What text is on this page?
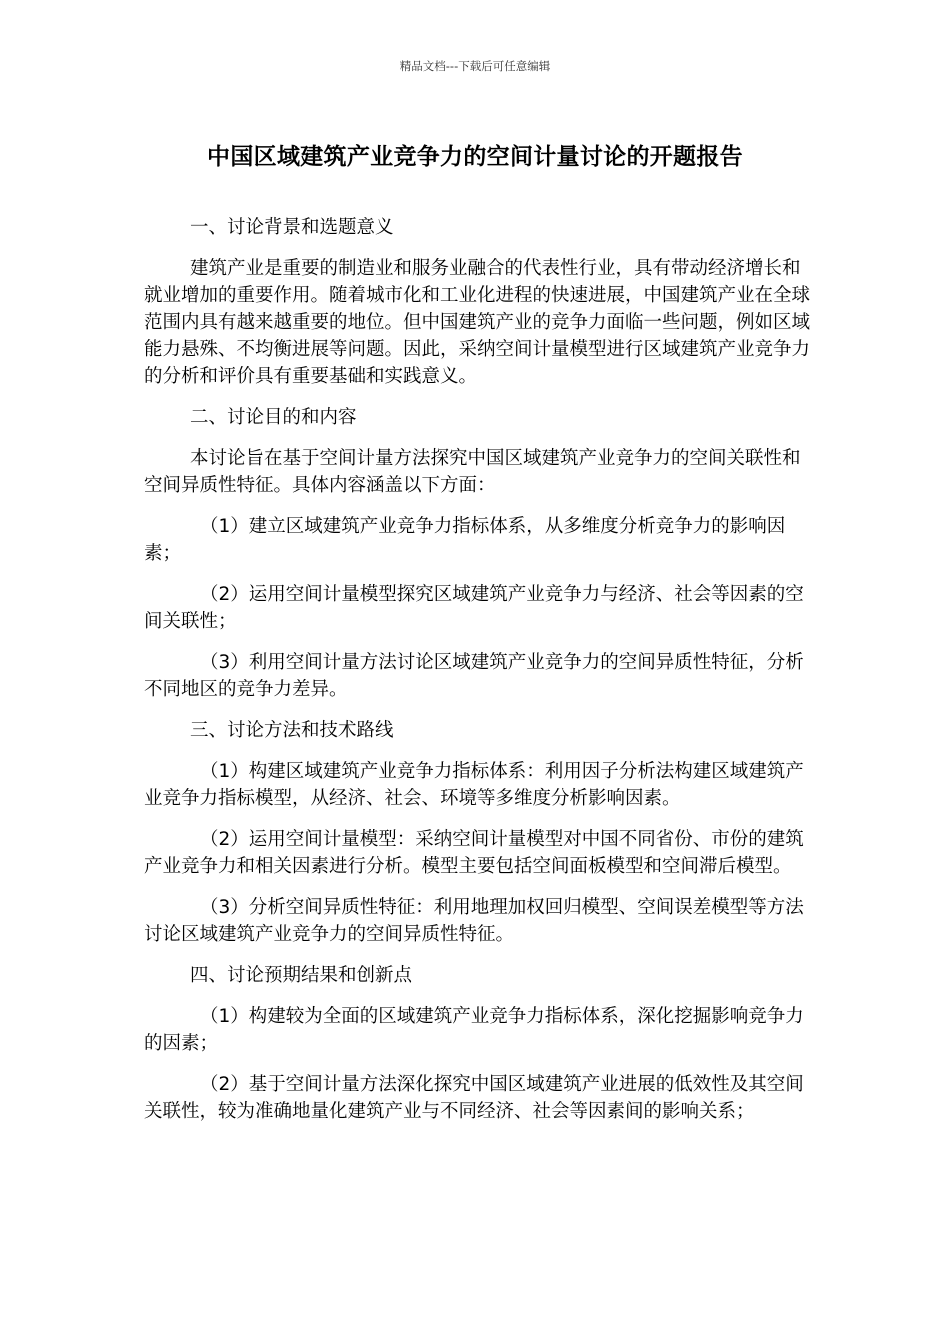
精品文档---下载后可任意编辑
中国区域建筑产业竞争力的空间计量讨论的开题报告

一、讨论背景和选题意义

建筑产业是重要的制造业和服务业融合的代表性行业，具有带动经济增长和就业增加的重要作用。随着城市化和工业化进程的快速进展，中国建筑产业在全球范围内具有越来越重要的地位。但中国建筑产业的竞争力面临一些问题，例如区域能力悬殊、不均衡进展等问题。因此，采纳空间计量模型进行区域建筑产业竞争力的分析和评价具有重要基础和实践意义。

二、讨论目的和内容

本讨论旨在基于空间计量方法探究中国区域建筑产业竞争力的空间关联性和空间异质性特征。具体内容涵盖以下方面：

（1）建立区域建筑产业竞争力指标体系，从多维度分析竞争力的影响因素；

（2）运用空间计量模型探究区域建筑产业竞争力与经济、社会等因素的空间关联性；

（3）利用空间计量方法讨论区域建筑产业竞争力的空间异质性特征，分析不同地区的竞争力差异。

三、讨论方法和技术路线

（1）构建区域建筑产业竞争力指标体系：利用因子分析法构建区域建筑产业竞争力指标模型，从经济、社会、环境等多维度分析影响因素。

（2）运用空间计量模型：采纳空间计量模型对中国不同省份、市份的建筑产业竞争力和相关因素进行分析。模型主要包括空间面板模型和空间滞后模型。

（3）分析空间异质性特征：利用地理加权回归模型、空间误差模型等方法讨论区域建筑产业竞争力的空间异质性特征。

四、讨论预期结果和创新点

（1）构建较为全面的区域建筑产业竞争力指标体系，深化挖掘影响竞争力的因素；

（2）基于空间计量方法深化探究中国区域建筑产业进展的低效性及其空间关联性，较为准确地量化建筑产业与不同经济、社会等因素间的影响关系；
